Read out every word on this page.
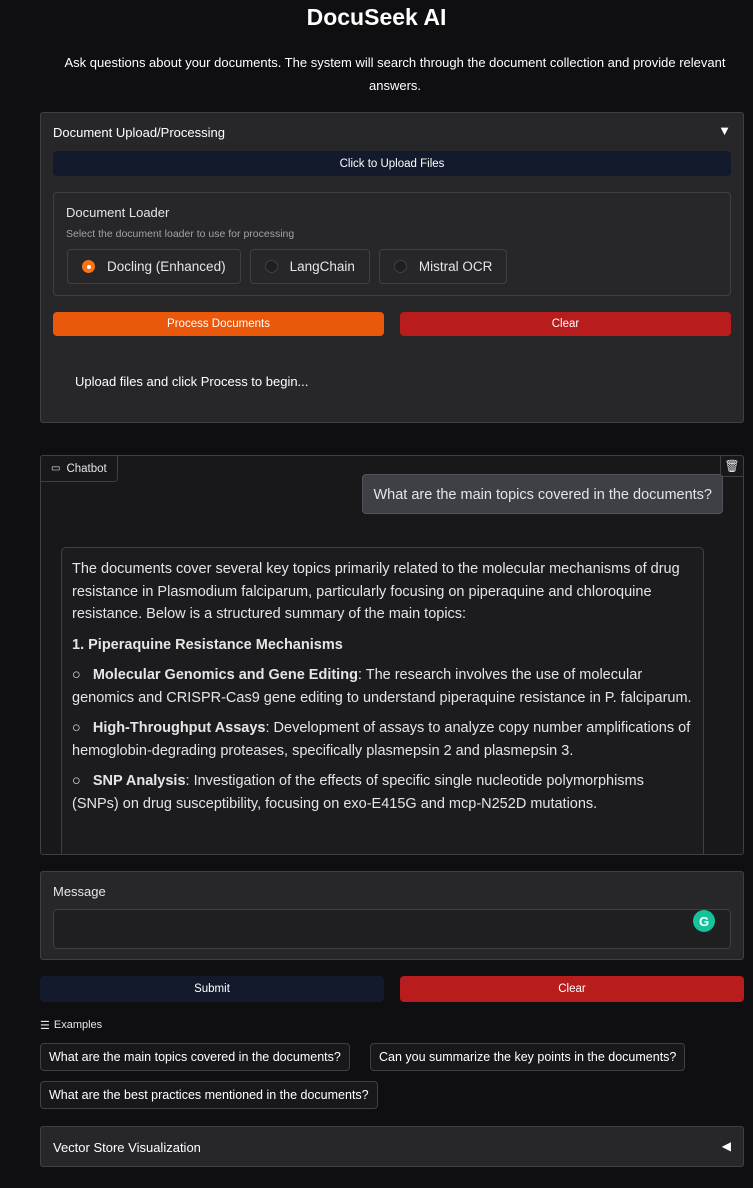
DocuSeek AI
Ask questions about your documents. The system will search through the document collection and provide relevant answers.
Document Upload/Processing	▼
Click to Upload Files
Document Loader
Select the document loader to use for processing
Docling (Enhanced)	LangChain	Mistral OCR
Process Documents	Clear
Upload files and click Process to begin...
▭ Chatbot	🗑
What are the main topics covered in the documents?

The documents cover several key topics primarily related to the molecular mechanisms of drug resistance in Plasmodium falciparum, particularly focusing on piperaquine and chloroquine resistance. Below is a structured summary of the main topics:

1. Piperaquine Resistance Mechanisms

○   Molecular Genomics and Gene Editing: The research involves the use of molecular genomics and CRISPR-Cas9 gene editing to understand piperaquine resistance in P. falciparum.

○   High-Throughput Assays: Development of assays to analyze copy number amplifications of hemoglobin-degrading proteases, specifically plasmepsin 2 and plasmepsin 3.

○   SNP Analysis: Investigation of the effects of specific single nucleotide polymorphisms (SNPs) on drug susceptibility, focusing on exo-E415G and mcp-N252D mutations.

Message
G
Submit	Clear
☰ Examples
What are the main topics covered in the documents?	Can you summarize the key points in the documents?
What are the best practices mentioned in the documents?
Vector Store Visualization	◀
